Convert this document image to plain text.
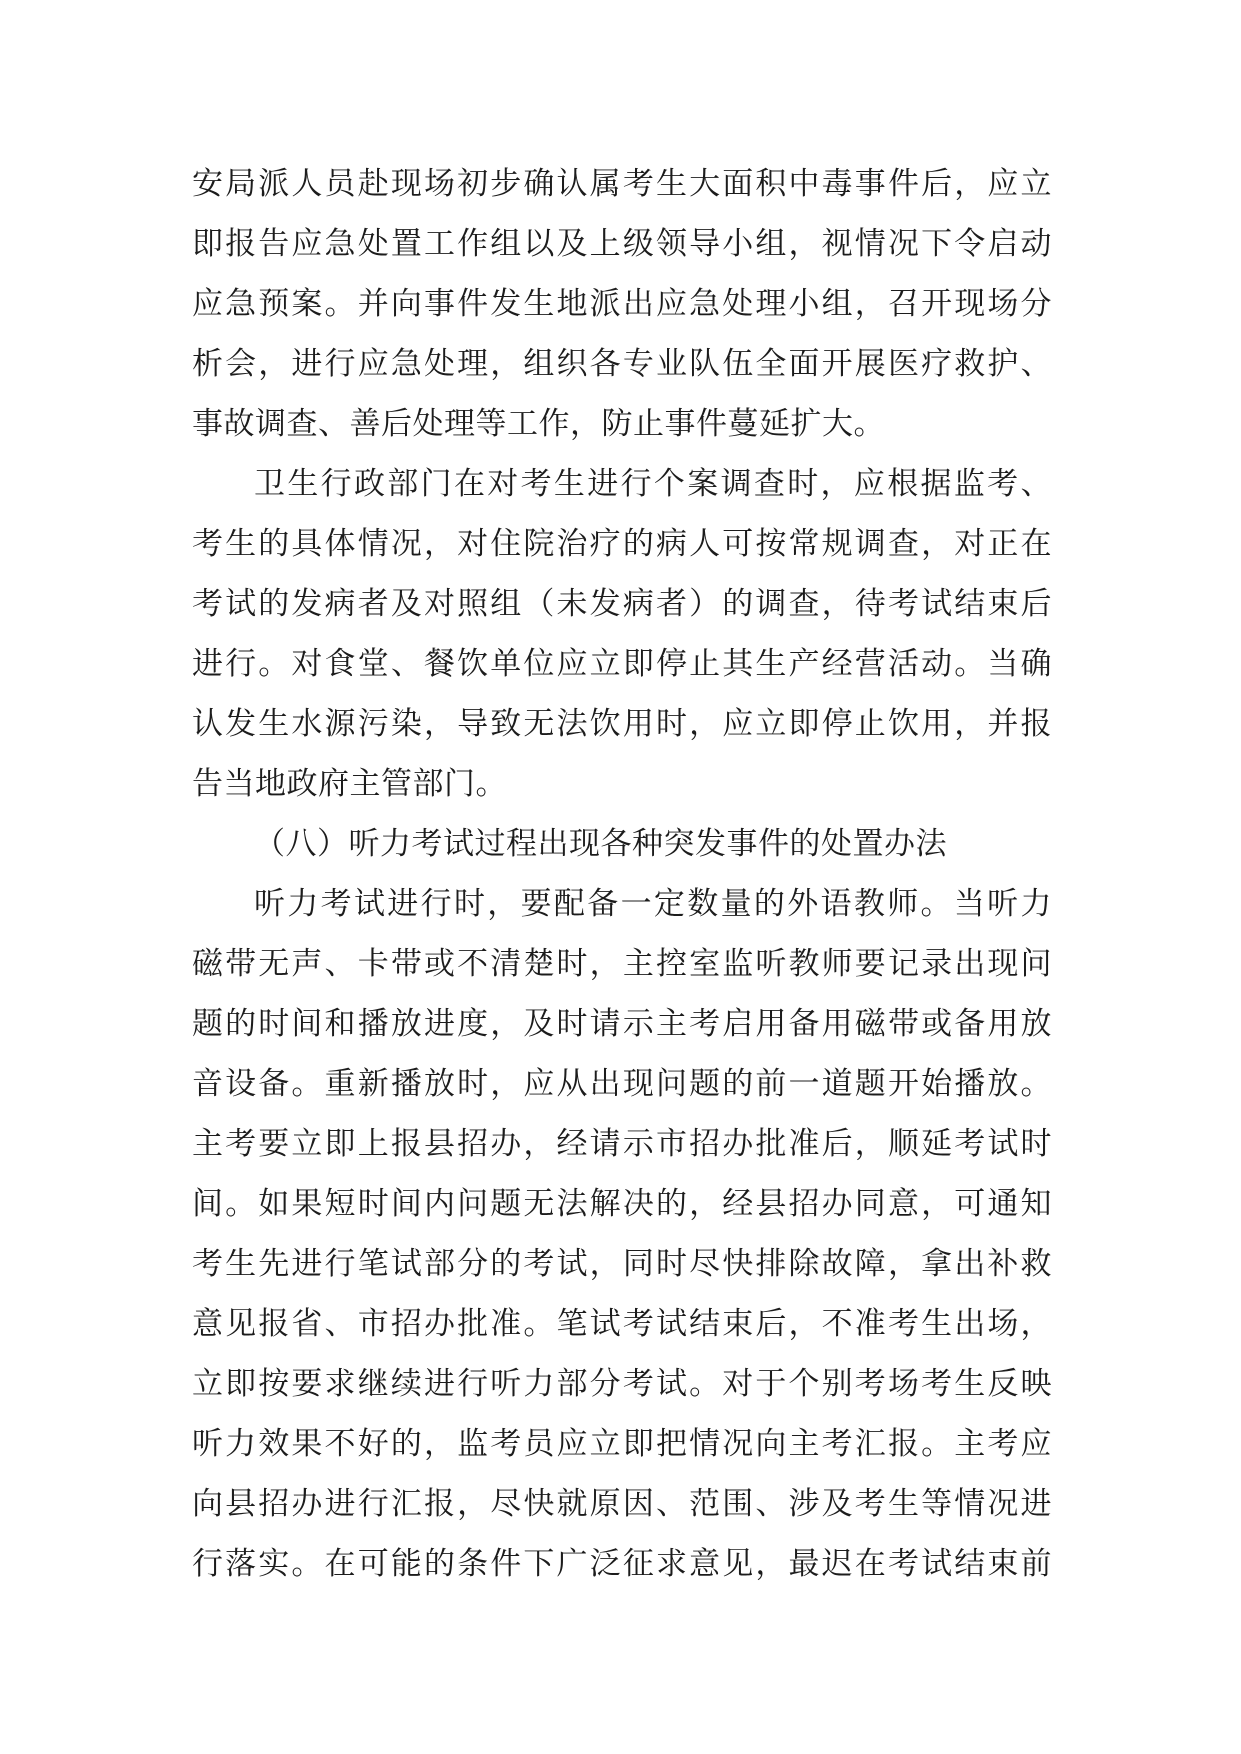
安局派人员赴现场初步确认属考生大面积中毒事件后，应立
即报告应急处置工作组以及上级领导小组，视情况下令启动
应急预案。并向事件发生地派出应急处理小组，召开现场分
析会，进行应急处理，组织各专业队伍全面开展医疗救护、
事故调查、善后处理等工作，防止事件蔓延扩大。
卫生行政部门在对考生进行个案调查时，应根据监考、
考生的具体情况，对住院治疗的病人可按常规调查，对正在
考试的发病者及对照组（未发病者）的调查，待考试结束后
进行。对食堂、餐饮单位应立即停止其生产经营活动。当确
认发生水源污染，导致无法饮用时，应立即停止饮用，并报
告当地政府主管部门。
（八）听力考试过程出现各种突发事件的处置办法
听力考试进行时，要配备一定数量的外语教师。当听力
磁带无声、卡带或不清楚时，主控室监听教师要记录出现问
题的时间和播放进度，及时请示主考启用备用磁带或备用放
音设备。重新播放时，应从出现问题的前一道题开始播放。
主考要立即上报县招办，经请示市招办批准后，顺延考试时
间。如果短时间内问题无法解决的，经县招办同意，可通知
考生先进行笔试部分的考试，同时尽快排除故障，拿出补救
意见报省、市招办批准。笔试考试结束后，不准考生出场，
立即按要求继续进行听力部分考试。对于个别考场考生反映
听力效果不好的，监考员应立即把情况向主考汇报。主考应
向县招办进行汇报，尽快就原因、范围、涉及考生等情况进
行落实。在可能的条件下广泛征求意见，最迟在考试结束前
